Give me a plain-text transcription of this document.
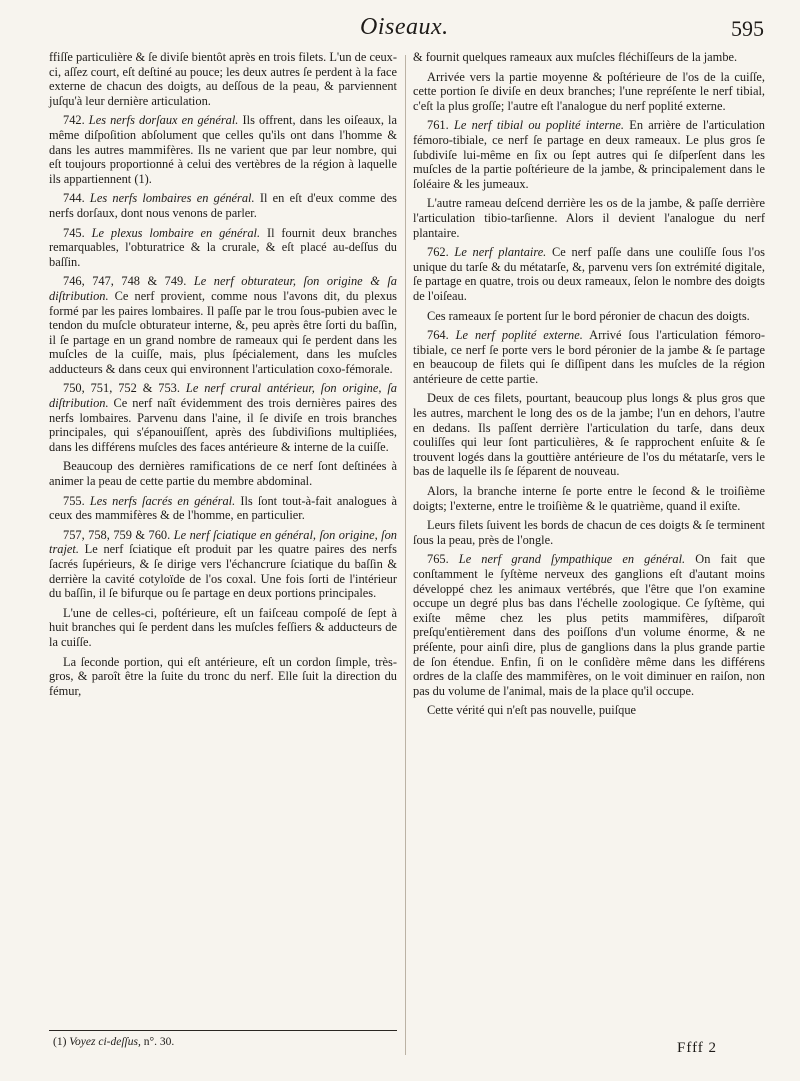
Oiseaux.	595

ffiſſe particulière & ſe diviſe bientôt après en trois filets. L'un de ceux-ci, aſſez court, eſt deſtiné au pouce; les deux autres ſe perdent à la face externe de chacun des doigts, au deſſous de la peau, & parviennent juſqu'à leur dernière articulation.

742. Les nerfs dorſaux en général. Ils offrent, dans les oiſeaux, la même diſpoſition abſolument que celles qu'ils ont dans l'homme & dans les autres mammifères. Ils ne varient que par leur nombre, qui eſt toujours proportionné à celui des vertèbres de la région à laquelle ils appartiennent (1).

744. Les nerfs lombaires en général. Il en eſt d'eux comme des nerfs dorſaux, dont nous venons de parler.

745. Le plexus lombaire en général. Il fournit deux branches remarquables, l'obturatrice & la crurale, & eſt placé au-deſſus du baſſin.

746, 747, 748 & 749. Le nerf obturateur, ſon origine & ſa diſtribution. Ce nerf provient, comme nous l'avons dit, du plexus formé par les paires lombaires. Il paſſe par le trou ſous-pubien avec le tendon du muſcle obturateur interne, &, peu après être ſorti du baſſin, il ſe partage en un grand nombre de rameaux qui ſe perdent dans les muſcles de la cuiſſe, mais, plus ſpécialement, dans les muſcles adducteurs & dans ceux qui environnent l'articulation coxo-fémorale.

750, 751, 752 & 753. Le nerf crural antérieur, ſon origine, ſa diſtribution. Ce nerf naît évidemment des trois dernières paires des nerfs lombaires. Parvenu dans l'aine, il ſe diviſe en trois branches principales, qui s'épanouiſſent, après des ſubdiviſions multipliées, dans les différens muſcles des faces antérieure & interne de la cuiſſe.

Beaucoup des dernières ramifications de ce nerf ſont deſtinées à animer la peau de cette partie du membre abdominal.

755. Les nerfs ſacrés en général. Ils ſont tout-à-fait analogues à ceux des mammifères & de l'homme, en particulier.

757, 758, 759 & 760. Le nerf ſciatique en général, ſon origine, ſon trajet. Le nerf ſciatique eſt produit par les quatre paires des nerfs ſacrés ſupérieurs, & ſe dirige vers l'échancrure ſciatique du baſſin & derrière la cavité cotyloïde de l'os coxal. Une fois ſorti de l'intérieur du baſſin, il ſe bifurque ou ſe partage en deux portions principales.

L'une de celles-ci, poſtérieure, eſt un faiſceau compoſé de ſept à huit branches qui ſe perdent dans les muſcles feſſiers & adducteurs de la cuiſſe.

La ſeconde portion, qui eſt antérieure, eſt un cordon ſimple, très-gros, & paroît être la ſuite du tronc du nerf. Elle ſuit la direction du fémur,

& fournit quelques rameaux aux muſcles fléchiſſeurs de la jambe.

Arrivée vers la partie moyenne & poſtérieure de l'os de la cuiſſe, cette portion ſe diviſe en deux branches; l'une repréſente le nerf tibial, c'eſt la plus groſſe; l'autre eſt l'analogue du nerf poplité externe.

761. Le nerf tibial ou poplité interne. En arrière de l'articulation fémoro-tibiale, ce nerf ſe partage en deux rameaux. Le plus gros ſe ſubdiviſe lui-même en ſix ou ſept autres qui ſe diſperſent dans les muſcles de la partie poſtérieure de la jambe, & principalement dans le ſoléaire & les jumeaux.

L'autre rameau deſcend derrière les os de la jambe, & paſſe derrière l'articulation tibio-tarſienne. Alors il devient l'analogue du nerf plantaire.

762. Le nerf plantaire. Ce nerf paſſe dans une couliſſe ſous l'os unique du tarſe & du métatarſe, &, parvenu vers ſon extrémité digitale, ſe partage en quatre, trois ou deux rameaux, ſelon le nombre des doigts de l'oiſeau.

Ces rameaux ſe portent ſur le bord péronier de chacun des doigts.

764. Le nerf poplité externe. Arrivé ſous l'articulation fémoro-tibiale, ce nerf ſe porte vers le bord péronier de la jambe & ſe partage en beaucoup de filets qui ſe diſſipent dans les muſcles de la région antérieure de cette partie.

Deux de ces filets, pourtant, beaucoup plus longs & plus gros que les autres, marchent le long des os de la jambe; l'un en dehors, l'autre en dedans. Ils paſſent derrière l'articulation du tarſe, dans deux couliſſes qui leur ſont particulières, & ſe rapprochent enſuite & ſe trouvent logés dans la gouttière antérieure de l'os du métatarſe, vers le bas de laquelle ils ſe ſéparent de nouveau.

Alors, la branche interne ſe porte entre le ſecond & le troiſième doigts; l'externe, entre le troiſième & le quatrième, quand il exiſte.

Leurs filets ſuivent les bords de chacun de ces doigts & ſe terminent ſous la peau, près de l'ongle.

765. Le nerf grand ſympathique en général. On fait que conſtamment le ſyſtème nerveux des ganglions eſt d'autant moins développé chez les animaux vertébrés, que l'être que l'on examine occupe un degré plus bas dans l'échelle zoologique. Ce ſyſtème, qui exiſte même chez les plus petits mammifères, diſparoît preſqu'entièrement dans des poiſſons d'un volume énorme, & ne préſente, pour ainſi dire, plus de ganglions dans la plus grande partie de ſon étendue. Enfin, ſi on le conſidère même dans les différens ordres de la claſſe des mammifères, on le voit diminuer en raiſon, non pas du volume de l'animal, mais de la place qu'il occupe.

Cette vérité qui n'eſt pas nouvelle, puiſque

(1) Voyez ci-deſſus, n°. 30.	Ffff 2
